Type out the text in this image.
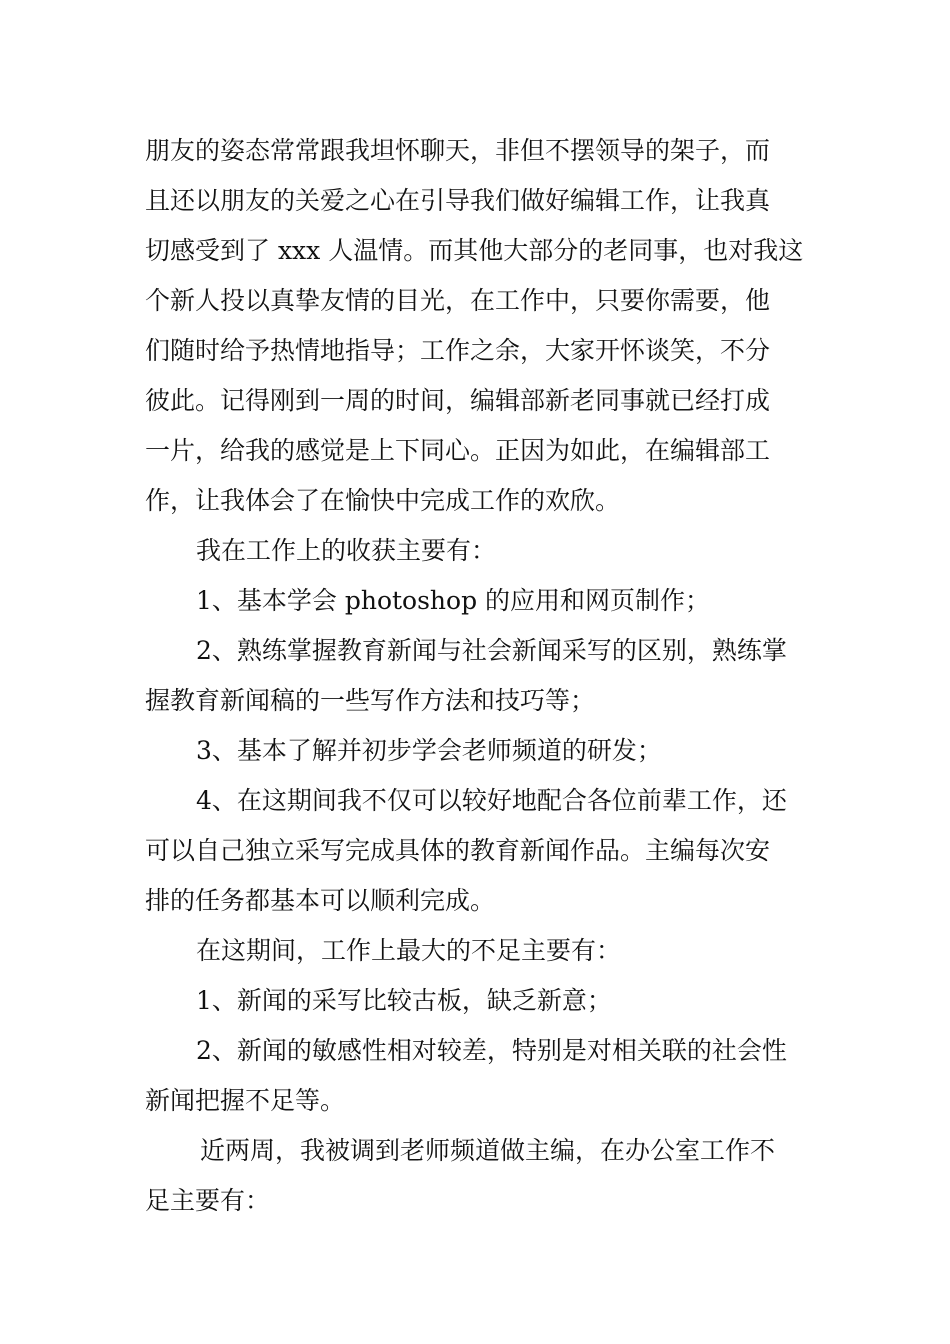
朋友的姿态常常跟我坦怀聊天，非但不摆领导的架子，而
且还以朋友的关爱之心在引导我们做好编辑工作，让我真
切感受到了 xxx 人温情。而其他大部分的老同事，也对我这
个新人投以真挚友情的目光，在工作中，只要你需要，他
们随时给予热情地指导；工作之余，大家开怀谈笑，不分
彼此。记得刚到一周的时间，编辑部新老同事就已经打成
一片，给我的感觉是上下同心。正因为如此，在编辑部工
作，让我体会了在愉快中完成工作的欢欣。
我在工作上的收获主要有：
1、基本学会 photoshop 的应用和网页制作；
2、熟练掌握教育新闻与社会新闻采写的区别，熟练掌
握教育新闻稿的一些写作方法和技巧等；
3、基本了解并初步学会老师频道的研发；
4、在这期间我不仅可以较好地配合各位前辈工作，还
可以自己独立采写完成具体的教育新闻作品。主编每次安
排的任务都基本可以顺利完成。
在这期间，工作上最大的不足主要有：
1、新闻的采写比较古板，缺乏新意；
2、新闻的敏感性相对较差，特别是对相关联的社会性
新闻把握不足等。
近两周，我被调到老师频道做主编，在办公室工作不
足主要有：
